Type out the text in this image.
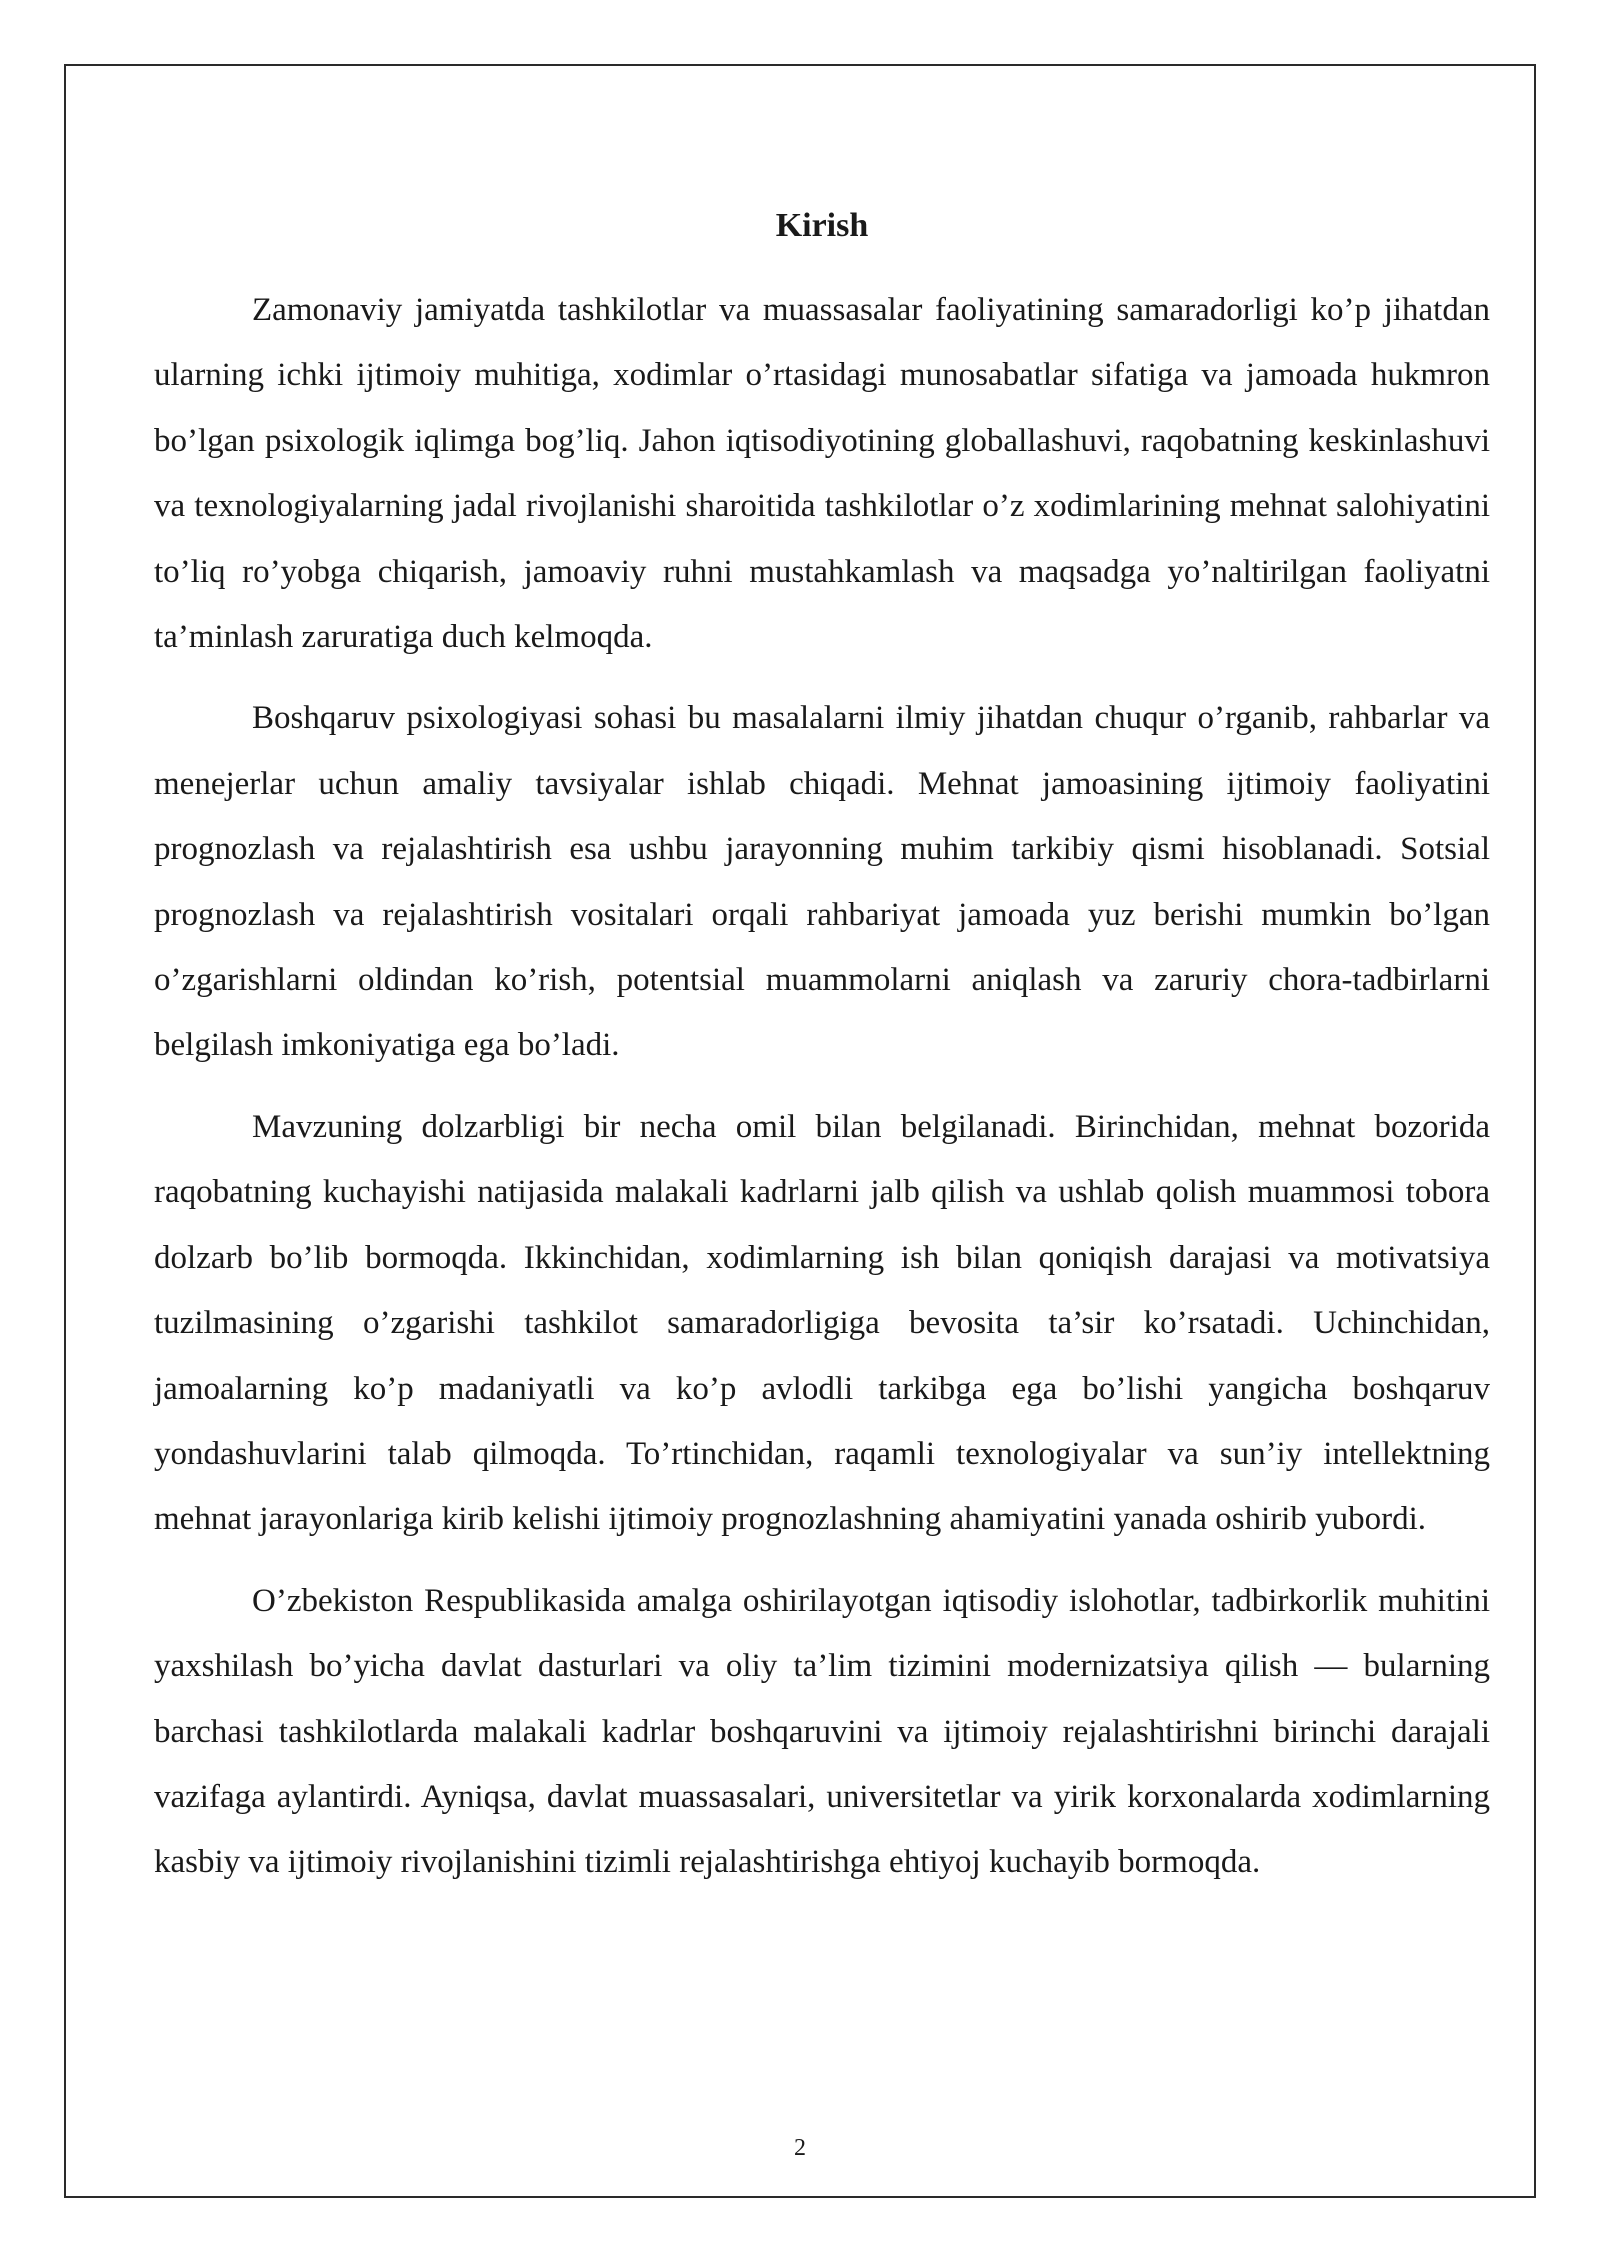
Kirish

Zamonaviy jamiyatda tashkilotlar va muassasalar faoliyatining samaradorligi ko’p jihatdan ularning ichki ijtimoiy muhitiga, xodimlar o’rtasidagi munosabatlar sifatiga va jamoada hukmron bo’lgan psixologik iqlimga bog’liq. Jahon iqtisodiyotining globallashuvi, raqobatning keskinlashuvi va texnologiyalarning jadal rivojlanishi sharoitida tashkilotlar o’z xodimlarining mehnat salohiyatini to’liq ro’yobga chiqarish, jamoaviy ruhni mustahkamlash va maqsadga yo’naltirilgan faoliyatni ta’minlash zaruratiga duch kelmoqda.

Boshqaruv psixologiyasi sohasi bu masalalarni ilmiy jihatdan chuqur o’rganib, rahbarlar va menejerlar uchun amaliy tavsiyalar ishlab chiqadi. Mehnat jamoasining ijtimoiy faoliyatini prognozlash va rejalashtirish esa ushbu jarayonning muhim tarkibiy qismi hisoblanadi. Sotsial prognozlash va rejalashtirish vositalari orqali rahbariyat jamoada yuz berishi mumkin bo’lgan o’zgarishlarni oldindan ko’rish, potentsial muammolarni aniqlash va zaruriy chora-tadbirlarni belgilash imkoniyatiga ega bo’ladi.

Mavzuning dolzarbligi bir necha omil bilan belgilanadi. Birinchidan, mehnat bozorida raqobatning kuchayishi natijasida malakali kadrlarni jalb qilish va ushlab qolish muammosi tobora dolzarb bo’lib bormoqda. Ikkinchidan, xodimlarning ish bilan qoniqish darajasi va motivatsiya tuzilmasining o’zgarishi tashkilot samaradorligiga bevosita ta’sir ko’rsatadi. Uchinchidan, jamoalarning ko’p madaniyatli va ko’p avlodli tarkibga ega bo’lishi yangicha boshqaruv yondashuvlarini talab qilmoqda. To’rtinchidan, raqamli texnologiyalar va sun’iy intellektning mehnat jarayonlariga kirib kelishi ijtimoiy prognozlashning ahamiyatini yanada oshirib yubordi.

O’zbekiston Respublikasida amalga oshirilayotgan iqtisodiy islohotlar, tadbirkorlik muhitini yaxshilash bo’yicha davlat dasturlari va oliy ta’lim tizimini modernizatsiya qilish — bularning barchasi tashkilotlarda malakali kadrlar boshqaruvini va ijtimoiy rejalashtirishni birinchi darajali vazifaga aylantirdi. Ayniqsa, davlat muassasalari, universitetlar va yirik korxonalarda xodimlarning kasbiy va ijtimoiy rivojlanishini tizimli rejalashtirishga ehtiyoj kuchayib bormoqda.

2
